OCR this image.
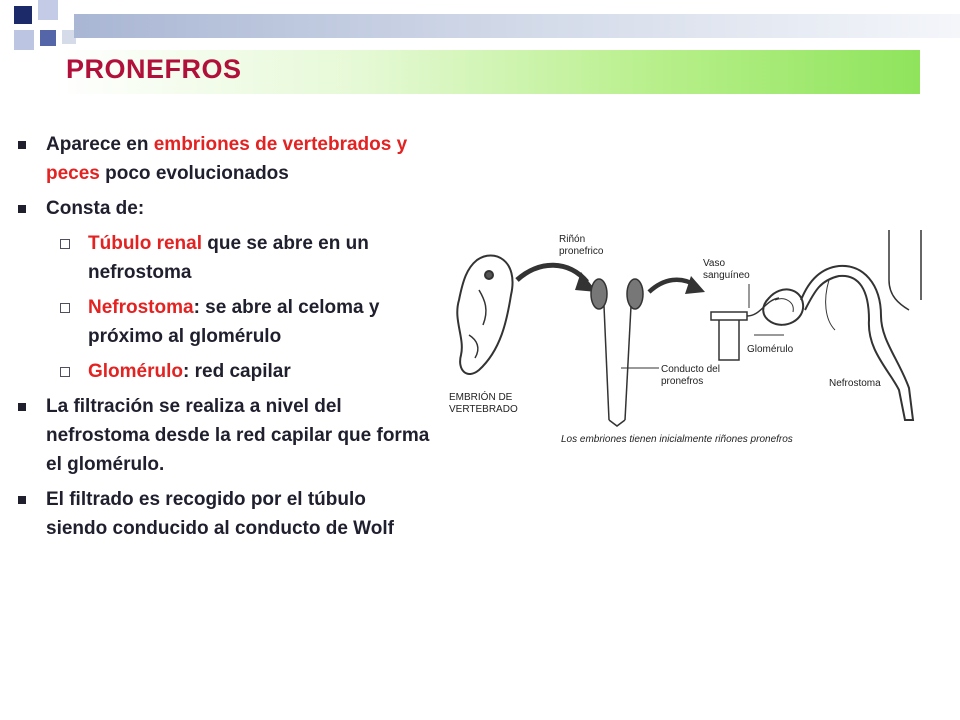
PRONEFROS
Aparece en embriones de vertebrados y peces poco evolucionados
Consta de:
Túbulo renal que se abre en un nefrostoma
Nefrostoma: se abre al celoma y próximo al glomérulo
Glomérulo: red capilar
La filtración se realiza a nivel del nefrostoma desde la red capilar que forma el glomérulo.
El filtrado es recogido por el túbulo siendo conducido al conducto de Wolf
EMBRIÓN DE
VERTEBRADO
Riñón
pronefrico
Conducto del
pronefros
Vaso
sanguíneo
Glomérulo
Nefrostoma
Los embriones tienen inicialmente riñones pronefros
